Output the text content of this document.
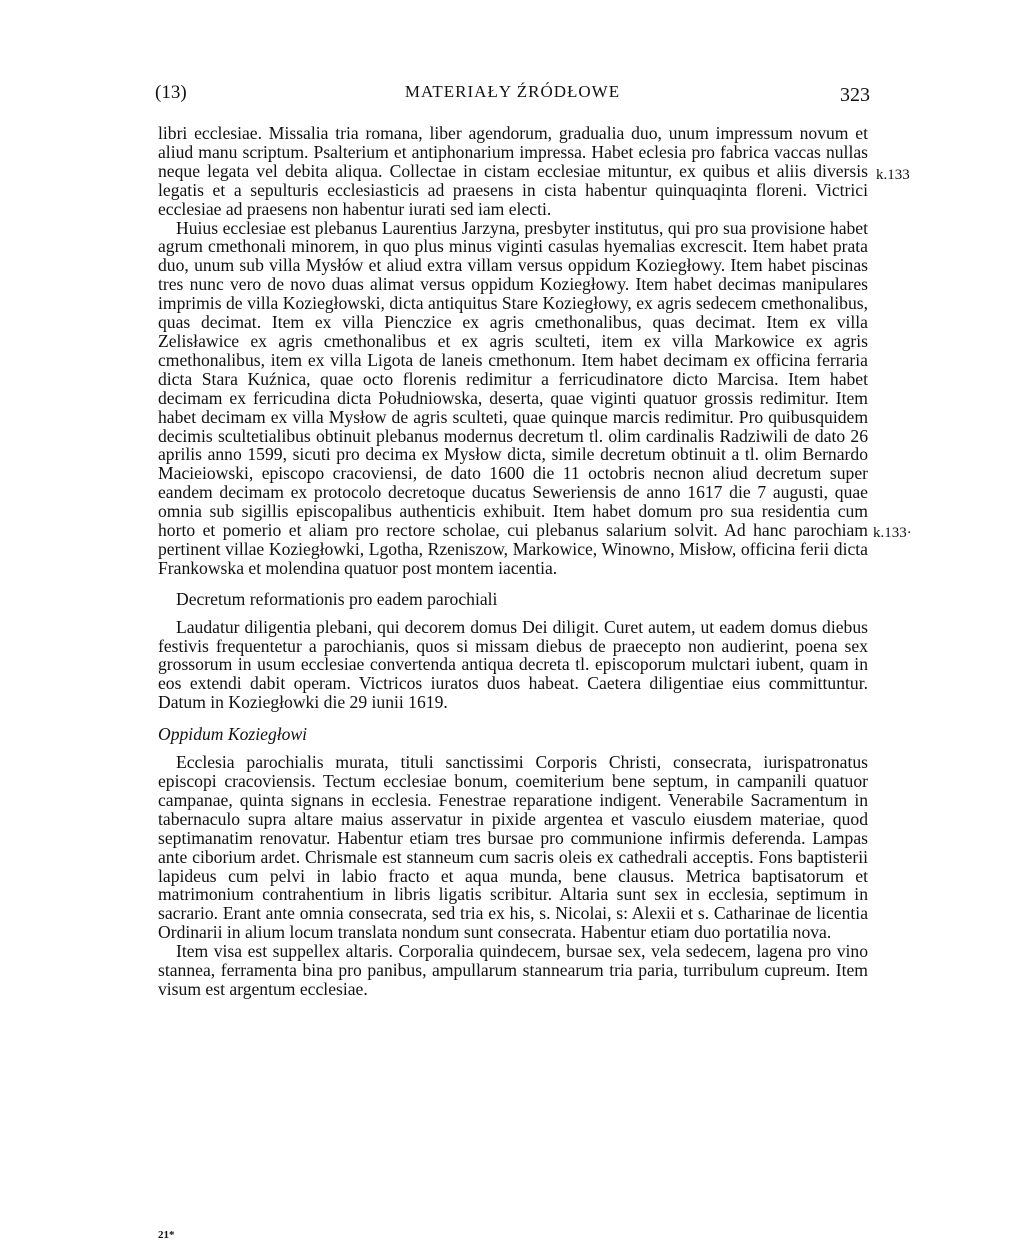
(13)	MATERIAŁY ŹRÓDŁOWE	323

libri ecclesiae. Missalia tria romana, liber agendorum, gradualia duo, unum impressum novum et aliud manu scriptum. Psalterium et antiphonarium impressa. Habet eclesia pro fabrica vaccas nullas neque legata vel debita aliqua. Collectae in cistam ecclesiae mituntur, ex quibus et aliis diversis legatis et a sepulturis ecclesiasticis ad praesens in cista habentur quinquaqinta floreni. Victrici ecclesiae ad praesens non habentur iurati sed iam electi.

Huius ecclesiae est plebanus Laurentius Jarzyna, presbyter institutus, qui pro sua provisione habet agrum cmethonali minorem, in quo plus minus viginti casulas hyemalias excrescit. Item habet prata duo, unum sub villa Mysłów et aliud extra villam versus oppidum Koziegłowy. Item habet piscinas tres nunc vero de novo duas alimat versus oppidum Koziegłowy. Item habet decimas manipulares imprimis de villa Koziegłowski, dicta antiquitus Stare Koziegłowy, ex agris sedecem cmethonalibus, quas decimat. Item ex villa Pienczice ex agris cmethonalibus, quas decimat. Item ex villa Zelisławice ex agris cmethonalibus et ex agris sculteti, item ex villa Markowice ex agris cmethonalibus, item ex villa Ligota de laneis cmethonum. Item habet decimam ex officina ferraria dicta Stara Kuźnica, quae octo florenis redimitur a ferricudinatore dicto Marcisa. Item habet decimam ex ferricudina dicta Południowska, deserta, quae viginti quatuor grossis redimitur. Item habet decimam ex villa Mysłow de agris sculteti, quae quinque marcis redimitur. Pro quibusquidem decimis scultetialibus obtinuit plebanus modernus decretum tl. olim cardinalis Radziwili de dato 26 aprilis anno 1599, sicuti pro decima ex Mysłow dicta, simile decretum obtinuit a tl. olim Bernardo Macieiowski, episcopo cracoviensi, de dato 1600 die 11 octobris necnon aliud decretum super eandem decimam ex protocolo decretoque ducatus Seweriensis de anno 1617 die 7 augusti, quae omnia sub sigillis episcopalibus authenticis exhibuit. Item habet domum pro sua residentia cum horto et pomerio et aliam pro rectore scholae, cui plebanus salarium solvit. Ad hanc parochiam pertinent villae Koziegłowki, Lgotha, Rzeniszow, Markowice, Winowno, Misłow, officina ferii dicta Frankowska et molendina quatuor post montem iacentia.

Decretum reformationis pro eadem parochiali

Laudatur diligentia plebani, qui decorem domus Dei diligit. Curet autem, ut eadem domus diebus festivis frequentetur a parochianis, quos si missam diebus de praecepto non audierint, poena sex grossorum in usum ecclesiae convertenda antiqua decreta tl. episcoporum mulctari iubent, quam in eos extendi dabit operam. Victricos iuratos duos habeat. Caetera diligentiae eius committuntur. Datum in Koziegłowki die 29 iunii 1619.

Oppidum Koziegłowi

Ecclesia parochialis murata, tituli sanctissimi Corporis Christi, consecrata, iurispatronatus episcopi cracoviensis. Tectum ecclesiae bonum, coemiterium bene septum, in campanili quatuor campanae, quinta signans in ecclesia. Fenestrae reparatione indigent. Venerabile Sacramentum in tabernaculo supra altare maius asservatur in pixide argentea et vasculo eiusdem materiae, quod septimanatim renovatur. Habentur etiam tres bursae pro communione infirmis deferenda. Lampas ante ciborium ardet. Chrismale est stanneum cum sacris oleis ex cathedrali acceptis. Fons baptisterii lapideus cum pelvi in labio fracto et aqua munda, bene clausus. Metrica baptisatorum et matrimonium contrahentium in libris ligatis scribitur. Altaria sunt sex in ecclesia, septimum in sacrario. Erant ante omnia consecrata, sed tria ex his, s. Nicolai, s: Alexii et s. Catharinae de licentia Ordinarii in alium locum translata nondum sunt consecrata. Habentur etiam duo portatilia nova.

Item visa est suppellex altaris. Corporalia quindecem, bursae sex, vela sedecem, lagena pro vino stannea, ferramenta bina pro panibus, ampullarum stannearum tria paria, turribulum cupreum. Item visum est argentum ecclesiae.

k.133
k.133·
21*
